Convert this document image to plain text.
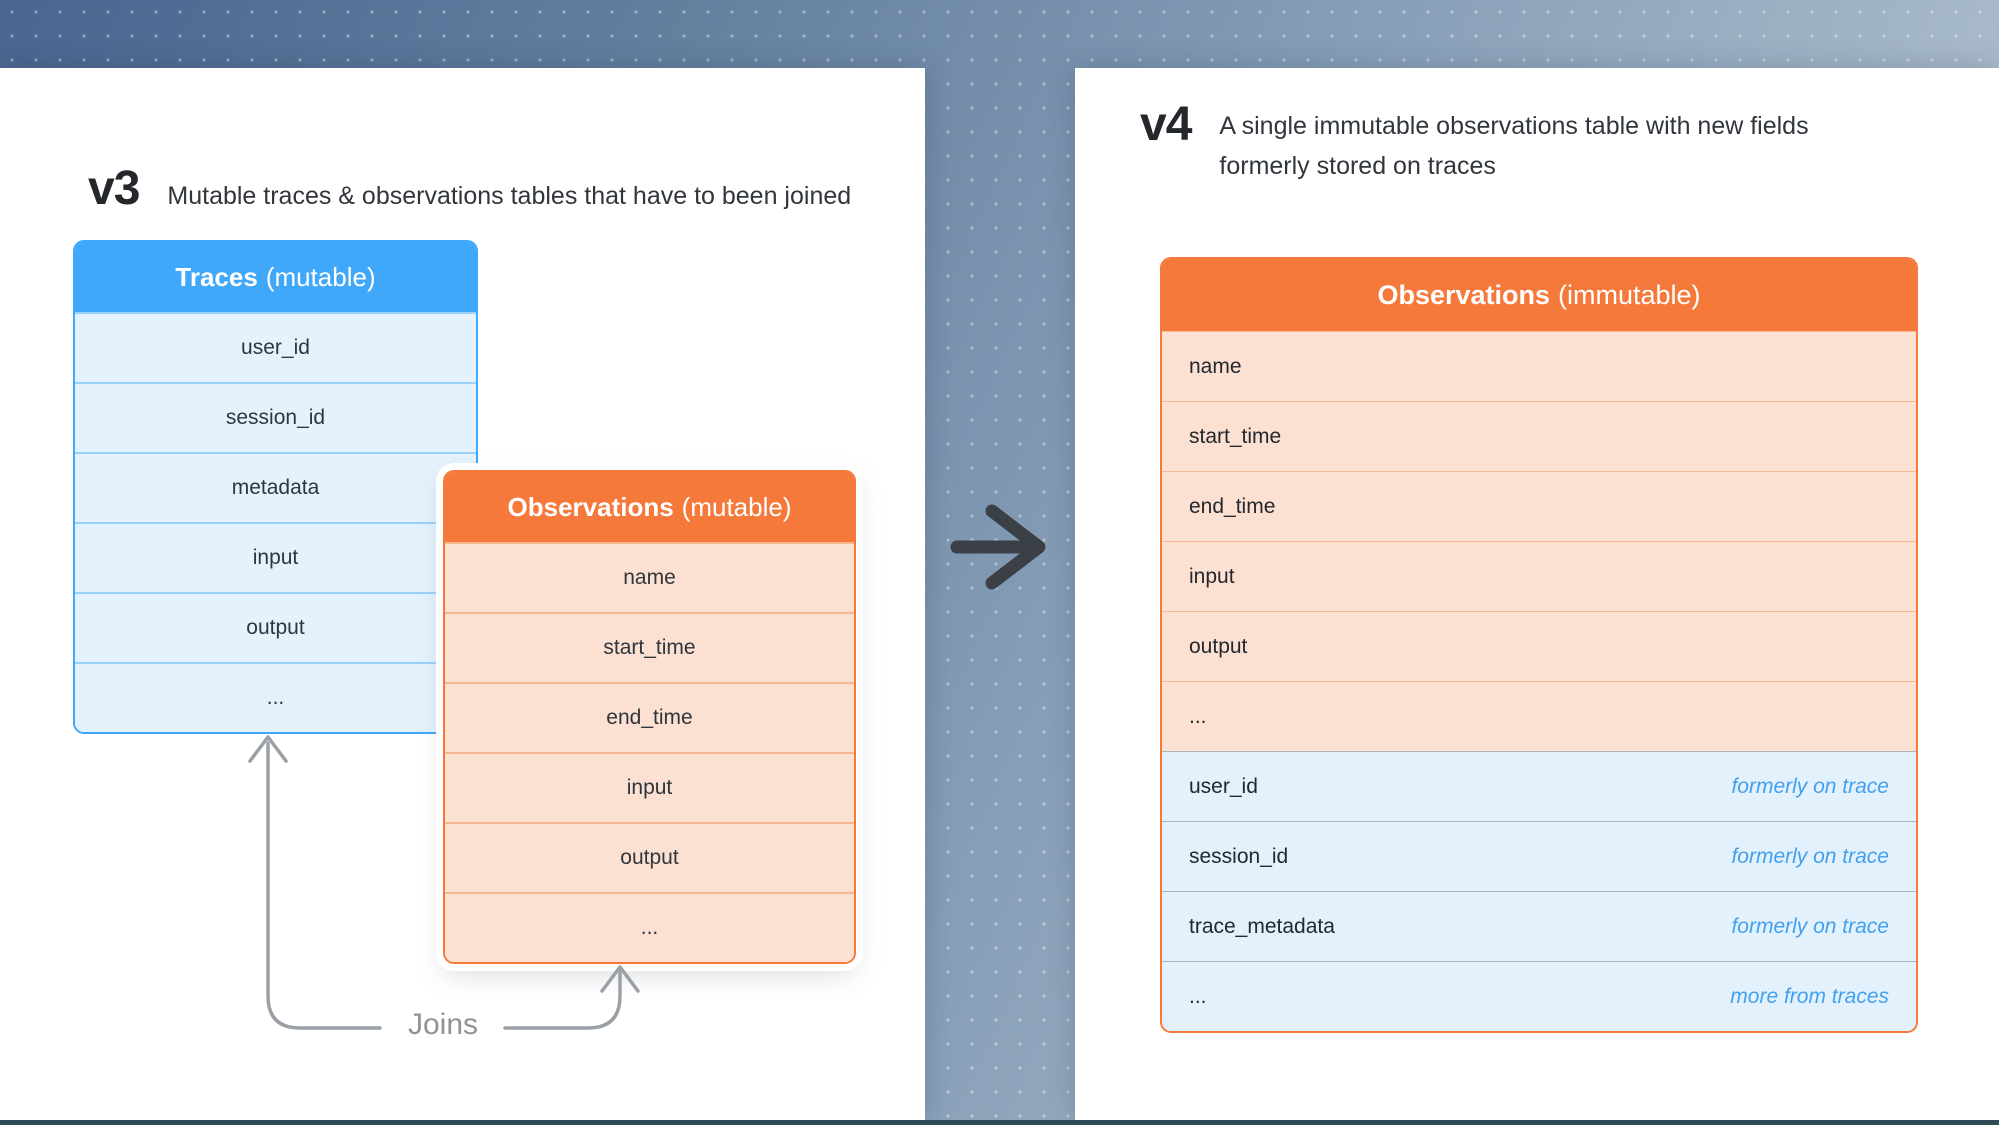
v3 Mutable traces & observations tables that have to been joined
Traces (mutable)
user_id
session_id
metadata
input
output
...
Observations (mutable)
name
start_time
end_time
input
output
...
Joins
v4 A single immutable observations table with new fields
formerly stored on traces
Observations (immutable)
name
start_time
end_time
input
output
...
user_id	formerly on trace
session_id	formerly on trace
trace_metadata	formerly on trace
...	more from traces
